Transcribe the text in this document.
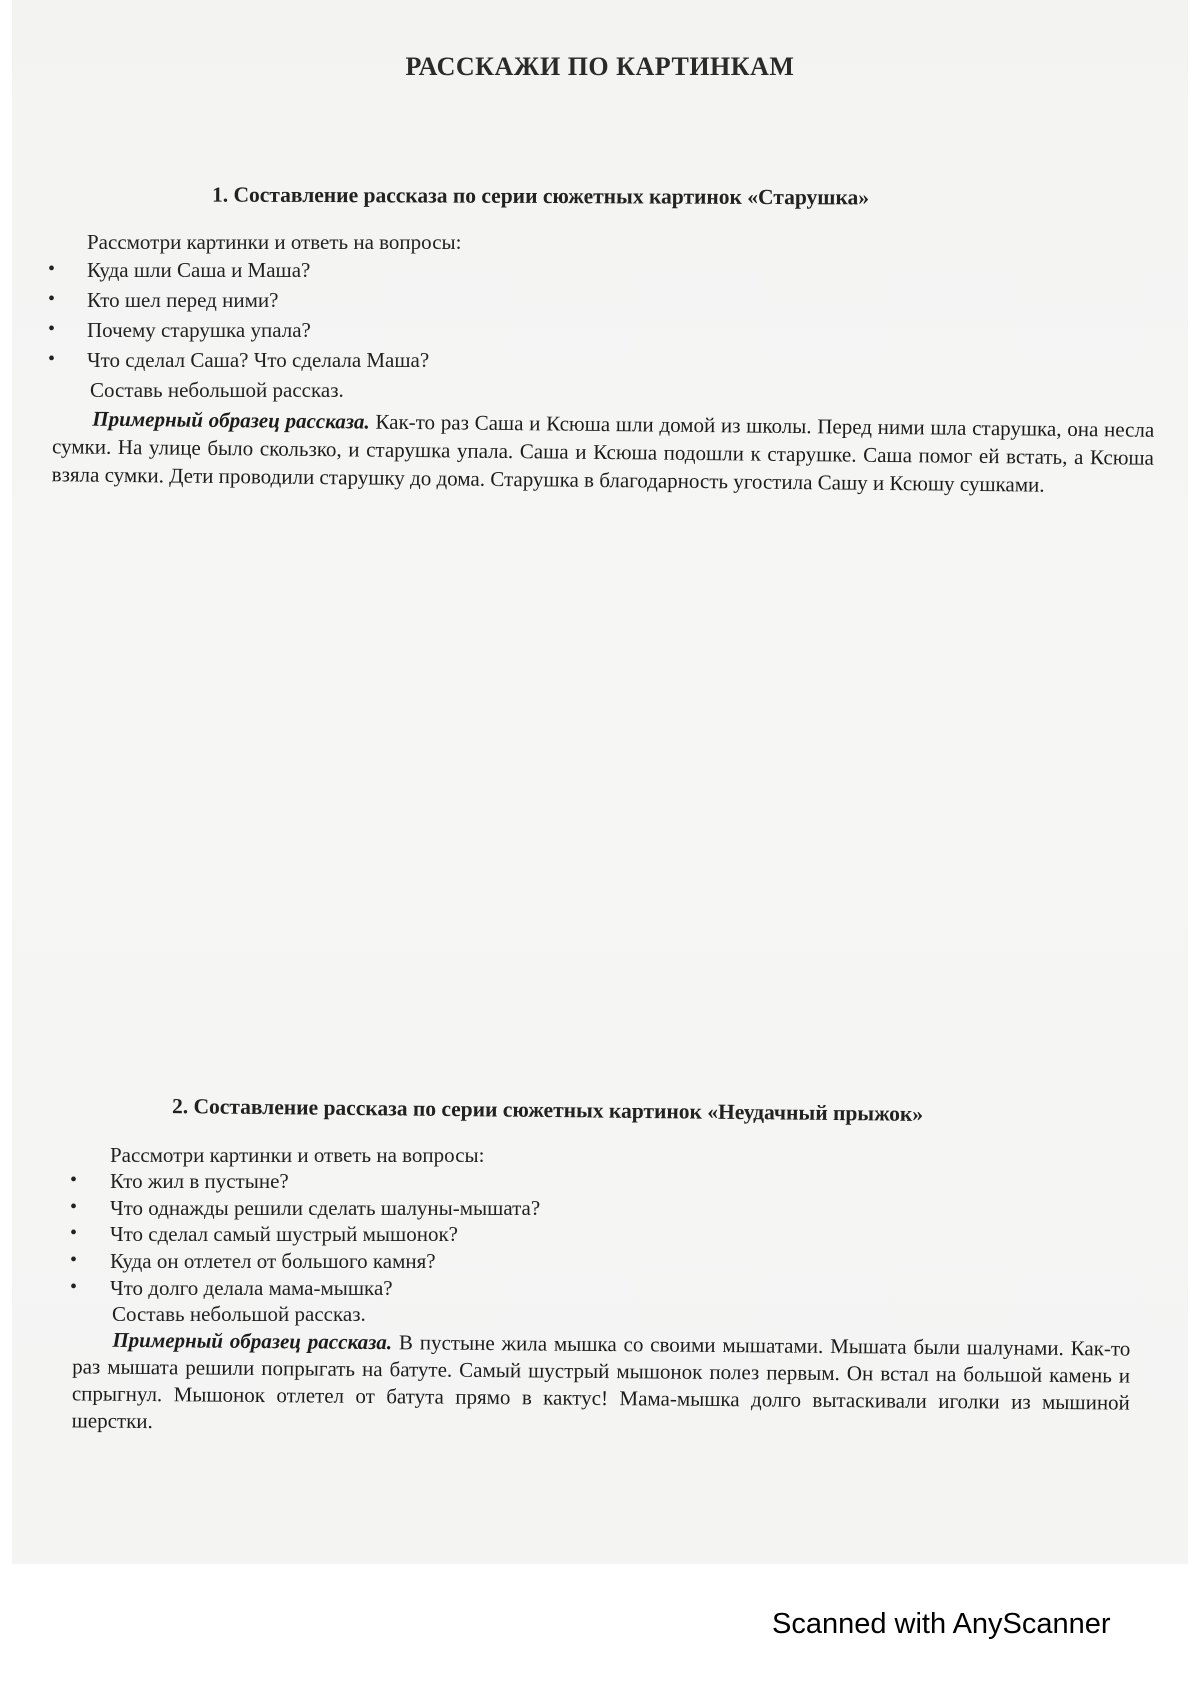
РАССКАЖИ ПО КАРТИНКАМ
1. Составление рассказа по серии сюжетных картинок «Старушка»
Рассмотри картинки и ответь на вопросы:
• Куда шли Саша и Маша?
• Кто шел перед ними?
• Почему старушка упала?
• Что сделал Саша? Что сделала Маша?
Составь небольшой рассказ.
Примерный образец рассказа. Как-то раз Саша и Ксюша шли домой из школы. Перед ними шла старушка, она несла сумки. На улице было скользко, и старушка упала. Саша и Ксюша подошли к старушке. Саша помог ей встать, а Ксюша взяла сумки. Дети проводили старушку до дома. Старушка в благодарность угостила Сашу и Ксюшу сушками.
2. Составление рассказа по серии сюжетных картинок «Неудачный прыжок»
Рассмотри картинки и ответь на вопросы:
• Кто жил в пустыне?
• Что однажды решили сделать шалуны-мышата?
• Что сделал самый шустрый мышонок?
• Куда он отлетел от большого камня?
• Что долго делала мама-мышка?
Составь небольшой рассказ.
Примерный образец рассказа. В пустыне жила мышка со своими мышатами. Мышата были шалунами. Как-то раз мышата решили попрыгать на батуте. Самый шустрый мышонок полез первым. Он встал на большой камень и спрыгнул. Мышонок отлетел от батута прямо в кактус! Мама-мышка долго вытаскивали иголки из мышиной шерстки.
Scanned with AnyScanner
